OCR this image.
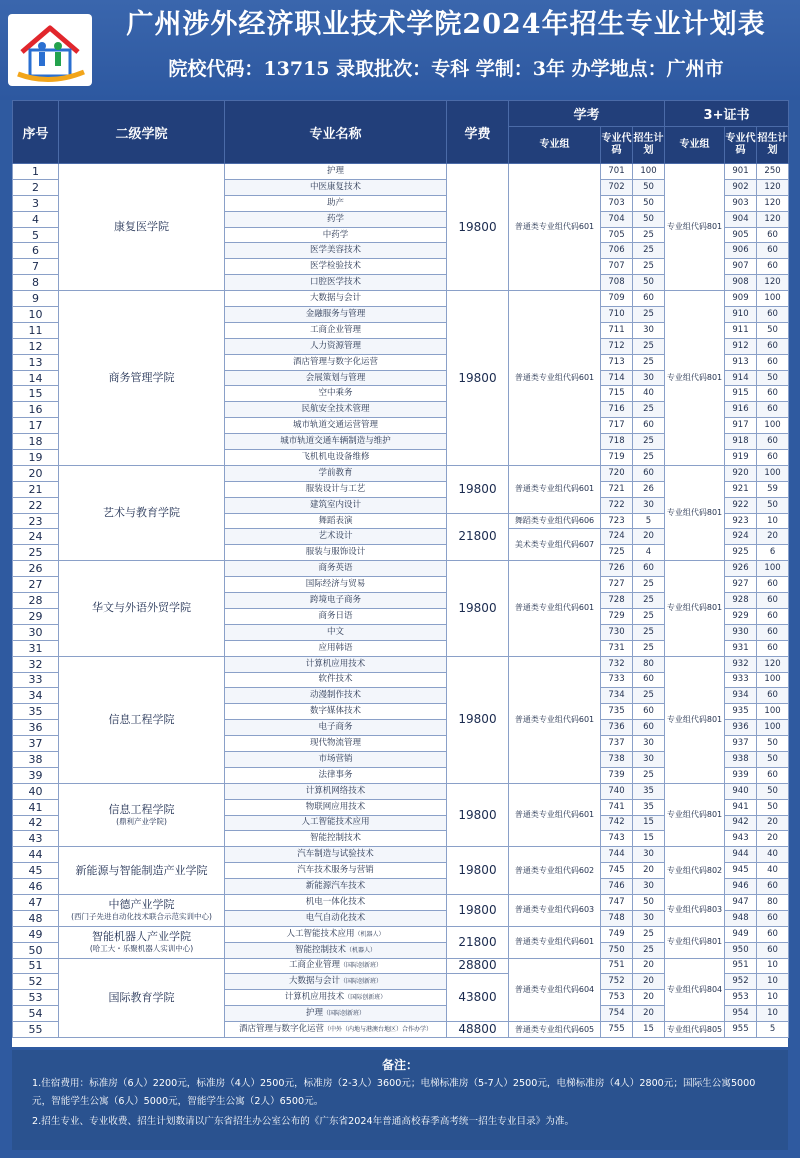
广州涉外经济职业技术学院2024年招生专业计划表
院校代码：13715 录取批次：专科 学制：3年 办学地点：广州市
序号	二级学院	专业名称	学费	学考			3+证书		
				专业组	专业代码	招生计划	专业组	专业代码	招生计划
1	康复医学院	护理	19800	普通类专业组代码601	701	100	专业组代码801	901	250
2		中医康复技术			702	50		902	120
3		助产			703	50		903	120
4		药学			704	50		904	120
5		中药学			705	25		905	60
6		医学美容技术			706	25		906	60
7		医学检验技术			707	25		907	60
8		口腔医学技术			708	50		908	120
9	商务管理学院	大数据与会计	19800	普通类专业组代码601	709	60	专业组代码801	909	100
10		金融服务与管理			710	25		910	60
11		工商企业管理			711	30		911	50
12		人力资源管理			712	25		912	60
13		酒店管理与数字化运营			713	25		913	60
14		会展策划与管理			714	30		914	50
15		空中乘务			715	40		915	60
16		民航安全技术管理			716	25		916	60
17		城市轨道交通运营管理			717	60		917	100
18		城市轨道交通车辆制造与维护			718	25		918	60
19		飞机机电设备维修			719	25		919	60
20	艺术与教育学院	学前教育	19800	普通类专业组代码601	720	60	专业组代码801	920	100
21		服装设计与工艺			721	26		921	59
22		建筑室内设计			722	30		922	50
23		舞蹈表演	21800	舞蹈类专业组代码606	723	5		923	10
24		艺术设计		美术类专业组代码607	724	20		924	20
25		服装与服饰设计			725	4		925	6
26	华文与外语外贸学院	商务英语	19800	普通类专业组代码601	726	60	专业组代码801	926	100
27		国际经济与贸易			727	25		927	60
28		跨境电子商务			728	25		928	60
29		商务日语			729	25		929	60
30		中文			730	25		930	60
31		应用韩语			731	25		931	60
32	信息工程学院	计算机应用技术	19800	普通类专业组代码601	732	80	专业组代码801	932	120
33		软件技术			733	60		933	100
34		动漫制作技术			734	25		934	60
35		数字媒体技术			735	60		935	100
36		电子商务			736	60		936	100
37		现代物流管理			737	30		937	50
38		市场营销			738	30		938	50
39		法律事务			739	25		939	60
40	信息工程学院
(鼎利产业学院)	计算机网络技术	19800	普通类专业组代码601	740	35	专业组代码801	940	50
41		物联网应用技术			741	35		941	50
42		人工智能技术应用			742	15		942	20
43		智能控制技术			743	15		943	20
44	新能源与智能制造产业学院	汽车制造与试验技术	19800	普通类专业组代码602	744	30	专业组代码802	944	40
45		汽车技术服务与营销			745	20		945	40
46		新能源汽车技术			746	30		946	60
47	中德产业学院
(西门子先进自动化技术联合示范实训中心)	机电一体化技术	19800	普通类专业组代码603	747	50	专业组代码803	947	80
48		电气自动化技术			748	30		948	60
49	智能机器人产业学院
(哈工大・乐聚机器人实训中心)	人工智能技术应用（机器人）	21800	普通类专业组代码601	749	25	专业组代码801	949	60
50		智能控制技术（机器人）			750	25		950	60
51	国际教育学院	工商企业管理（国际创新班）	28800	普通类专业组代码604	751	20	专业组代码804	951	10
52		大数据与会计（国际创新班）	43800		752	20		952	10
53		计算机应用技术（国际创新班）			753	20		953	10
54		护理（国际创新班）			754	20		954	10
55		酒店管理与数字化运营（中外（内地与港澳台地区）合作办学）	48800	普通类专业组代码605	755	15	专业组代码805	955	5
备注：

1.住宿费用：标准房（6人）2200元，标准房（4人）2500元，标准房（2-3人）3600元；电梯标准房（5-7人）2500元，电梯标准房（4人）2800元；国际生公寓5000元，智能学生公寓（6人）5000元，智能学生公寓（2人）6500元。

2.招生专业、专业收费、招生计划数请以广东省招生办公室公布的《广东省2024年普通高校春季高考统一招生专业目录》为准。
